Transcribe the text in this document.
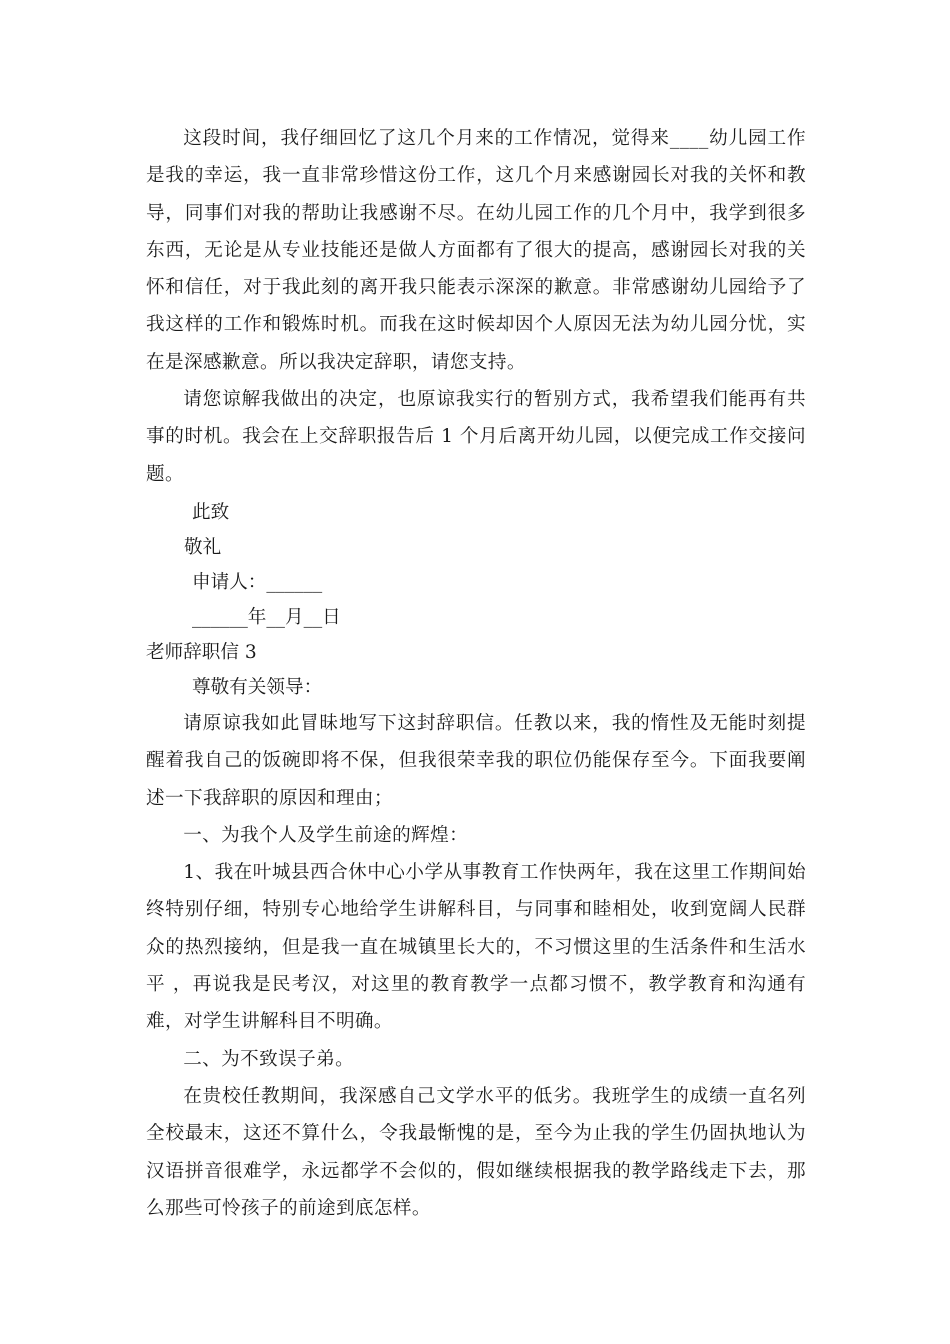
这段时间，我仔细回忆了这几个月来的工作情况，觉得来____幼儿园工作是我的幸运，我一直非常珍惜这份工作，这几个月来感谢园长对我的关怀和教导，同事们对我的帮助让我感谢不尽。在幼儿园工作的几个月中，我学到很多东西，无论是从专业技能还是做人方面都有了很大的提高，感谢园长对我的关怀和信任，对于我此刻的离开我只能表示深深的歉意。非常感谢幼儿园给予了我这样的工作和锻炼时机。而我在这时候却因个人原因无法为幼儿园分忧，实在是深感歉意。所以我决定辞职，请您支持。

请您谅解我做出的决定，也原谅我实行的暂别方式，我希望我们能再有共事的时机。我会在上交辞职报告后 1 个月后离开幼儿园，以便完成工作交接问题。

此致

敬礼

申请人：______

______年__月__日

老师辞职信 3

尊敬有关领导：

请原谅我如此冒昧地写下这封辞职信。任教以来，我的惰性及无能时刻提醒着我自己的饭碗即将不保，但我很荣幸我的职位仍能保存至今。下面我要阐述一下我辞职的原因和理由；

一、为我个人及学生前途的辉煌：

1、我在叶城县西合休中心小学从事教育工作快两年，我在这里工作期间始终特别仔细，特别专心地给学生讲解科目，与同事和睦相处，收到宽阔人民群众的热烈接纳，但是我一直在城镇里长大的，不习惯这里的生活条件和生活水平 ，再说我是民考汉，对这里的教育教学一点都习惯不，教学教育和沟通有难，对学生讲解科目不明确。

二、为不致误子弟。

在贵校任教期间，我深感自己文学水平的低劣。我班学生的成绩一直名列全校最末，这还不算什么，令我最惭愧的是，至今为止我的学生仍固执地认为汉语拼音很难学，永远都学不会似的，假如继续根据我的教学路线走下去，那么那些可怜孩子的前途到底怎样。
